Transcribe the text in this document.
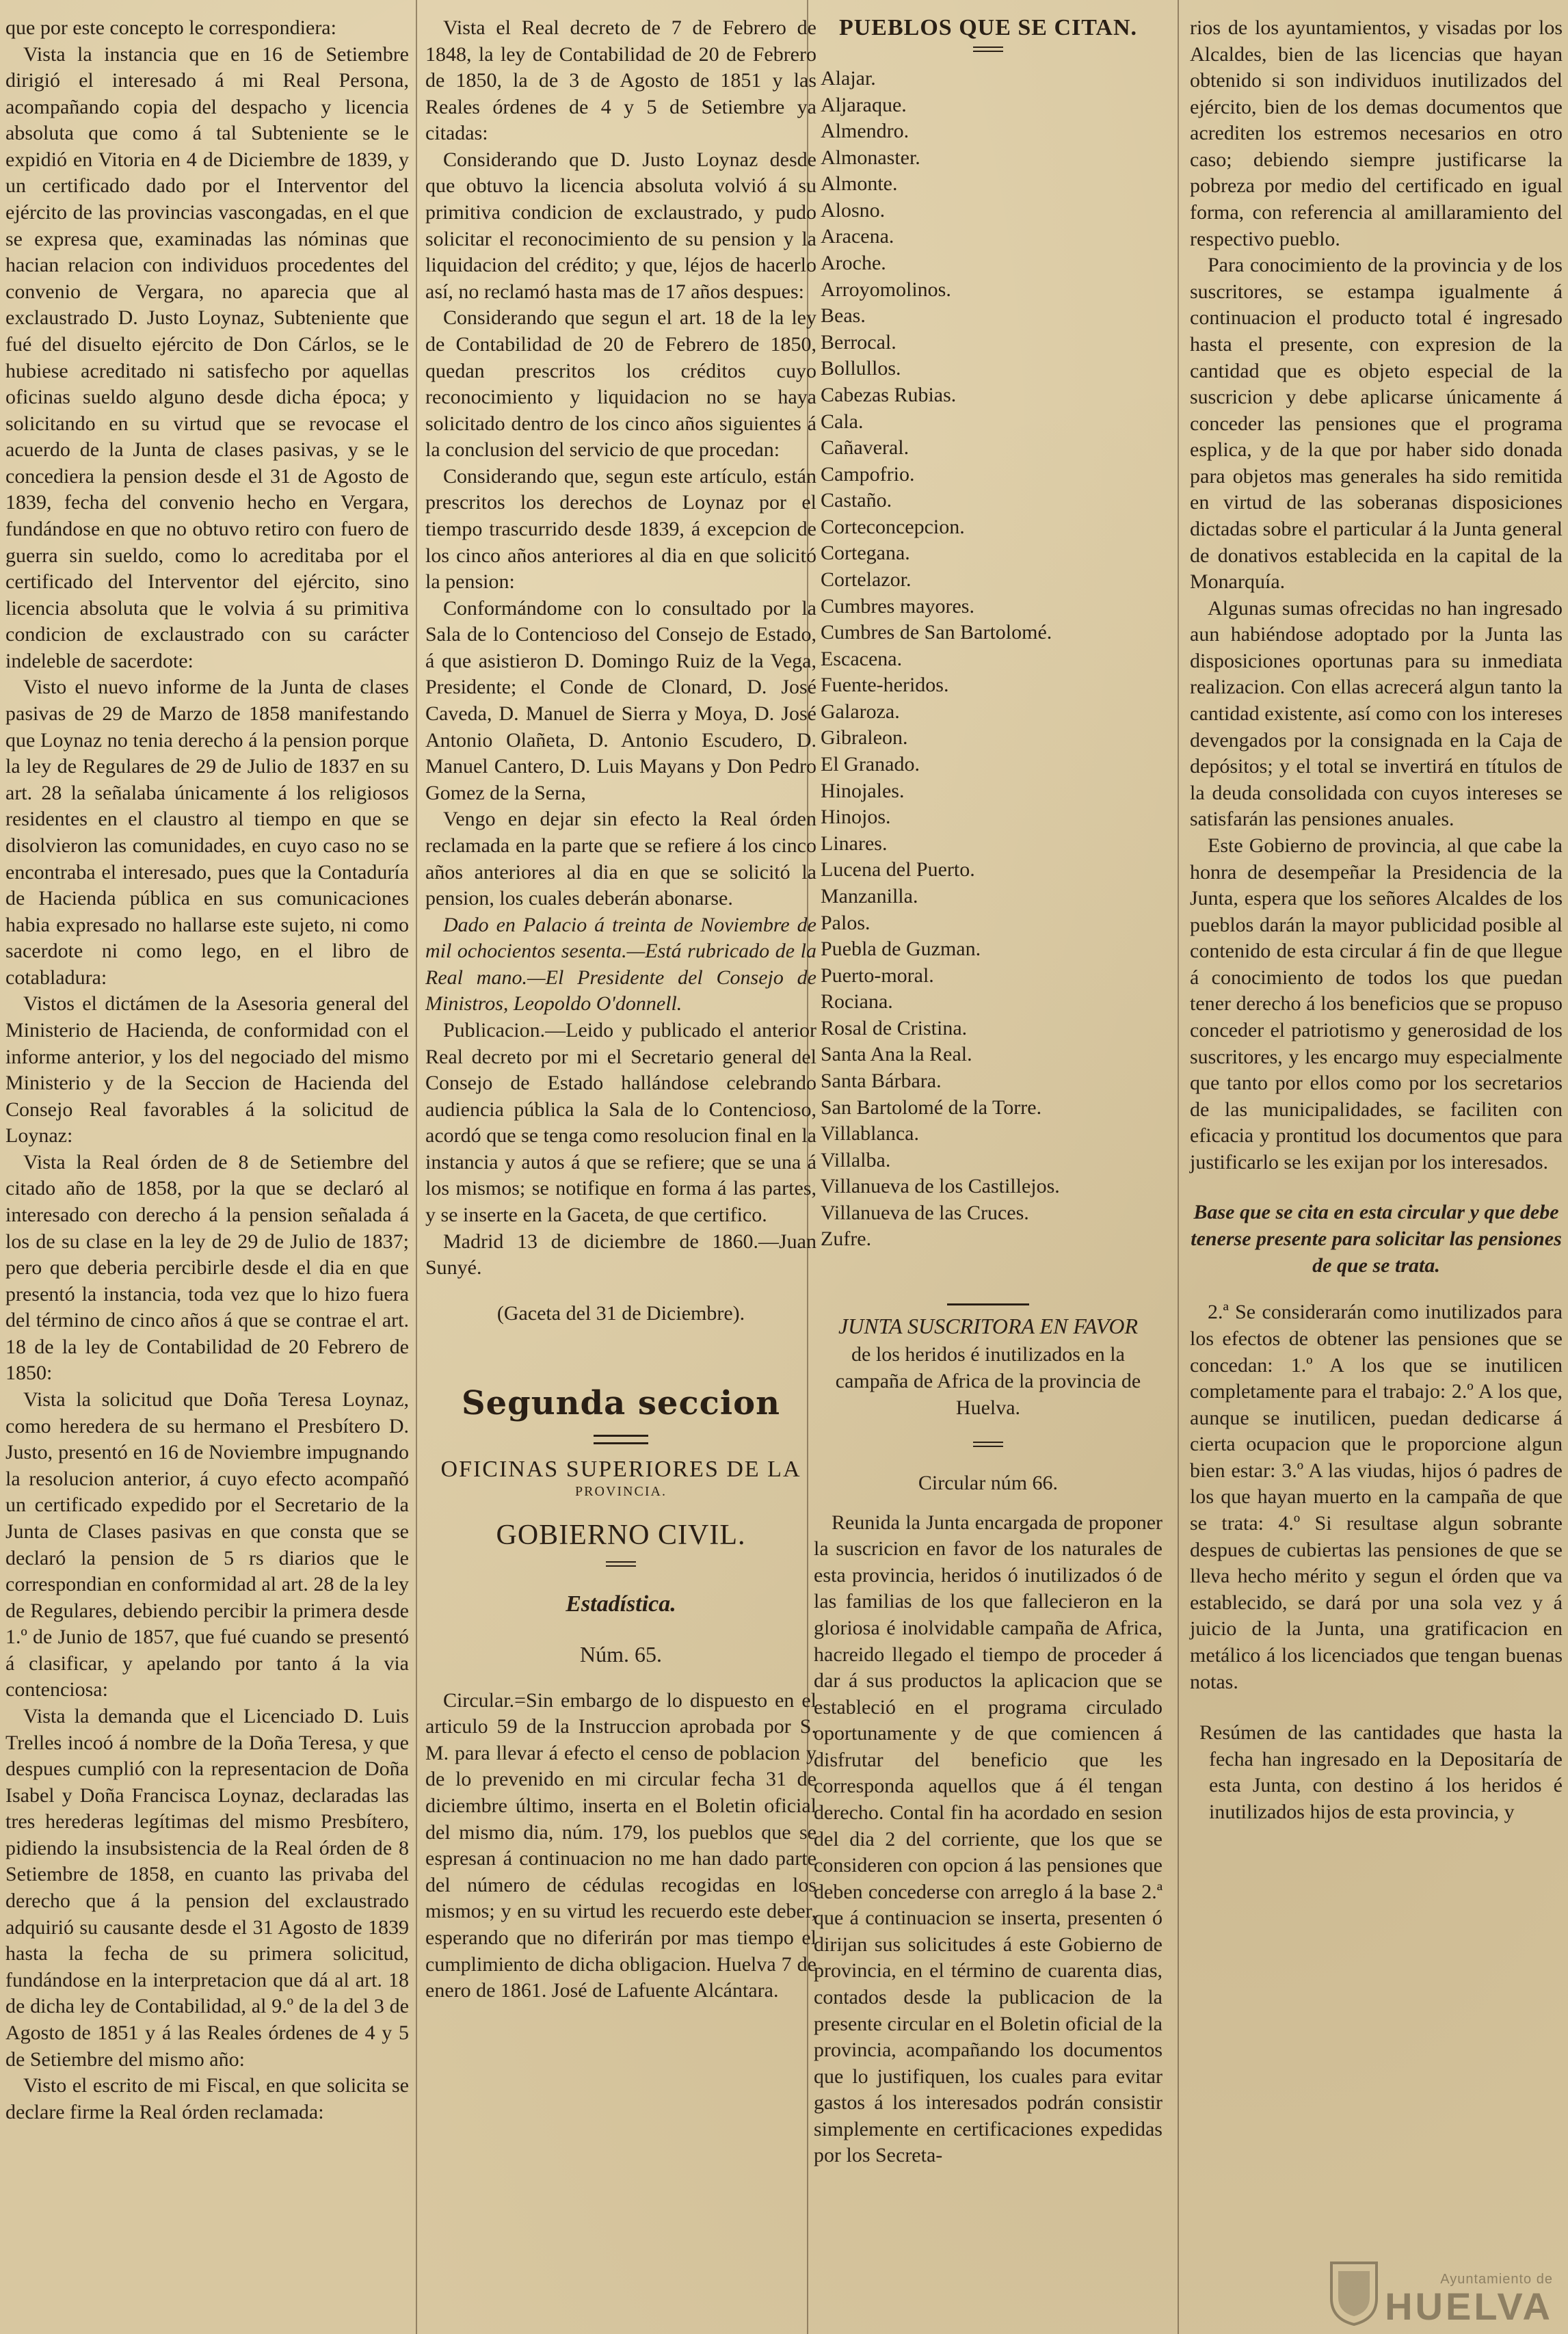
que por este concepto le correspondiera:

Vista la instancia que en 16 de Setiembre dirigió el interesado á mi Real Persona, acompañando copia del despacho y licencia absoluta que como á tal Subteniente se le expidió en Vitoria en 4 de Diciembre de 1839, y un certificado dado por el Interventor del ejército de las provincias vascongadas, en el que se expresa que, examinadas las nóminas que hacian relacion con individuos procedentes del convenio de Vergara, no aparecia que al exclaustrado D. Justo Loynaz, Subteniente que fué del disuelto ejército de Don Cárlos, se le hubiese acreditado ni satisfecho por aquellas oficinas sueldo alguno desde dicha época; y solicitando en su virtud que se revocase el acuerdo de la Junta de clases pasivas, y se le concediera la pension desde el 31 de Agosto de 1839, fecha del convenio hecho en Vergara, fundándose en que no obtuvo retiro con fuero de guerra sin sueldo, como lo acreditaba por el certificado del Interventor del ejército, sino licencia absoluta que le volvia á su primitiva condicion de exclaustrado con su carácter indeleble de sacerdote:

Visto el nuevo informe de la Junta de clases pasivas de 29 de Marzo de 1858 manifestando que Loynaz no tenia derecho á la pension porque la ley de Regulares de 29 de Julio de 1837 en su art. 28 la señalaba únicamente á los religiosos residentes en el claustro al tiempo en que se disolvieron las comunidades, en cuyo caso no se encontraba el interesado, pues que la Contaduría de Hacienda pública en sus comunicaciones habia expresado no hallarse este sujeto, ni como sacerdote ni como lego, en el libro de cotabladura:

Vistos el dictámen de la Asesoria general del Ministerio de Hacienda, de conformidad con el informe anterior, y los del negociado del mismo Ministerio y de la Seccion de Hacienda del Consejo Real favorables á la solicitud de Loynaz:

Vista la Real órden de 8 de Setiembre del citado año de 1858, por la que se declaró al interesado con derecho á la pension señalada á los de su clase en la ley de 29 de Julio de 1837; pero que deberia percibirle desde el dia en que presentó la instancia, toda vez que lo hizo fuera del término de cinco años á que se contrae el art. 18 de la ley de Contabilidad de 20 Febrero de 1850:

Vista la solicitud que Doña Teresa Loynaz, como heredera de su hermano el Presbítero D. Justo, presentó en 16 de Noviembre impugnando la resolucion anterior, á cuyo efecto acompañó un certificado expedido por el Secretario de la Junta de Clases pasivas en que consta que se declaró la pension de 5 rs diarios que le correspondian en conformidad al art. 28 de la ley de Regulares, debiendo percibir la primera desde 1.º de Junio de 1857, que fué cuando se presentó á clasificar, y apelando por tanto á la via contenciosa:

Vista la demanda que el Licenciado D. Luis Trelles incoó á nombre de la Doña Teresa, y que despues cumplió con la representacion de Doña Isabel y Doña Francisca Loynaz, declaradas las tres herederas legítimas del mismo Presbítero, pidiendo la insubsistencia de la Real órden de 8 Setiembre de 1858, en cuanto las privaba del derecho que á la pension del exclaustrado adquirió su causante desde el 31 Agosto de 1839 hasta la fecha de su primera solicitud, fundándose en la interpretacion que dá al art. 18 de dicha ley de Contabilidad, al 9.º de la del 3 de Agosto de 1851 y á las Reales órdenes de 4 y 5 de Setiembre del mismo año:

Visto el escrito de mi Fiscal, en que solicita se declare firme la Real órden reclamada:

Vista el Real decreto de 7 de Febrero de 1848, la ley de Contabilidad de 20 de Febrero de 1850, la de 3 de Agosto de 1851 y las Reales órdenes de 4 y 5 de Setiembre ya citadas:

Considerando que D. Justo Loynaz desde que obtuvo la licencia absoluta volvió á su primitiva condicion de exclaustrado, y pudo solicitar el reconocimiento de su pension y la liquidacion del crédito; y que, léjos de hacerlo así, no reclamó hasta mas de 17 años despues:

Considerando que segun el art. 18 de la ley de Contabilidad de 20 de Febrero de 1850, quedan prescritos los créditos cuyo reconocimiento y liquidacion no se haya solicitado dentro de los cinco años siguientes á la conclusion del servicio de que procedan:

Considerando que, segun este artículo, están prescritos los derechos de Loynaz por el tiempo trascurrido desde 1839, á excepcion de los cinco años anteriores al dia en que solicitó la pension:

Conformándome con lo consultado por la Sala de lo Contencioso del Consejo de Estado, á que asistieron D. Domingo Ruiz de la Vega, Presidente; el Conde de Clonard, D. José Caveda, D. Manuel de Sierra y Moya, D. José Antonio Olañeta, D. Antonio Escudero, D. Manuel Cantero, D. Luis Mayans y Don Pedro Gomez de la Serna,

Vengo en dejar sin efecto la Real órden reclamada en la parte que se refiere á los cinco años anteriores al dia en que se solicitó la pension, los cuales deberán abonarse.

Dado en Palacio á treinta de Noviembre de mil ochocientos sesenta.—Está rubricado de la Real mano.—El Presidente del Consejo de Ministros, Leopoldo O'donnell.

Publicacion.—Leido y publicado el anterior Real decreto por mi el Secretario general del Consejo de Estado hallándose celebrando audiencia pública la Sala de lo Contencioso, acordó que se tenga como resolucion final en la instancia y autos á que se refiere; que se una á los mismos; se notifique en forma á las partes, y se inserte en la Gaceta, de que certifico.

Madrid 13 de diciembre de 1860.—Juan Sunyé.

(Gaceta del 31 de Diciembre).

Segunda seccion

OFICINAS SUPERIORES DE LA

PROVINCIA.

GOBIERNO CIVIL.

Estadística.

Núm. 65.

Circular.=Sin embargo de lo dispuesto en el articulo 59 de la Instruccion aprobada por S. M. para llevar á efecto el censo de poblacion y de lo prevenido en mi circular fecha 31 de diciembre último, inserta en el Boletin oficial del mismo dia, núm. 179, los pueblos que se espresan á continuacion no me han dado parte del número de cédulas recogidas en los mismos; y en su virtud les recuerdo este deber, esperando que no diferirán por mas tiempo el cumplimiento de dicha obligacion. Huelva 7 de enero de 1861. José de Lafuente Alcántara.

PUEBLOS QUE SE CITAN.

Alajar.
Aljaraque.
Almendro.
Almonaster.
Almonte.
Alosno.
Aracena.
Aroche.
Arroyomolinos.
Beas.
Berrocal.
Bollullos.
Cabezas Rubias.
Cala.
Cañaveral.
Campofrio.
Castaño.
Corteconcepcion.
Cortegana.
Cortelazor.
Cumbres mayores.
Cumbres de San Bartolomé.
Escacena.
Fuente-heridos.
Galaroza.
Gibraleon.
El Granado.
Hinojales.
Hinojos.
Linares.
Lucena del Puerto.
Manzanilla.
Palos.
Puebla de Guzman.
Puerto-moral.
Rociana.
Rosal de Cristina.
Santa Ana la Real.
Santa Bárbara.
San Bartolomé de la Torre.
Villablanca.
Villalba.
Villanueva de los Castillejos.
Villanueva de las Cruces.
Zufre.

JUNTA SUSCRITORA EN FAVOR

de los heridos é inutilizados en la campaña de Africa de la provincia de Huelva.

Circular núm 66.

Reunida la Junta encargada de proponer la suscricion en favor de los naturales de esta provincia, heridos ó inutilizados ó de las familias de los que fallecieron en la gloriosa é inolvidable campaña de Africa, hacreido llegado el tiempo de proceder á dar á sus productos la aplicacion que se estableció en el programa circulado oportunamente y de que comiencen á disfrutar del beneficio que les corresponda aquellos que á él tengan derecho. Contal fin ha acordado en sesion del dia 2 del corriente, que los que se consideren con opcion á las pensiones que deben concederse con arreglo á la base 2.ª que á continuacion se inserta, presenten ó dirijan sus solicitudes á este Gobierno de provincia, en el término de cuarenta dias, contados desde la publicacion de la presente circular en el Boletin oficial de la provincia, acompañando los documentos que lo justifiquen, los cuales para evitar gastos á los interesados podrán consistir simplemente en certificaciones expedidas por los Secreta-

rios de los ayuntamientos, y visadas por los Alcaldes, bien de las licencias que hayan obtenido si son individuos inutilizados del ejército, bien de los demas documentos que acrediten los estremos necesarios en otro caso; debiendo siempre justificarse la pobreza por medio del certificado en igual forma, con referencia al amillaramiento del respectivo pueblo.

Para conocimiento de la provincia y de los suscritores, se estampa igualmente á continuacion el producto total é ingresado hasta el presente, con expresion de la cantidad que es objeto especial de la suscricion y debe aplicarse únicamente á conceder las pensiones que el programa esplica, y de la que por haber sido donada para objetos mas generales ha sido remitida en virtud de las soberanas disposiciones dictadas sobre el particular á la Junta general de donativos establecida en la capital de la Monarquía.

Algunas sumas ofrecidas no han ingresado aun habiéndose adoptado por la Junta las disposiciones oportunas para su inmediata realizacion. Con ellas acrecerá algun tanto la cantidad existente, así como con los intereses devengados por la consignada en la Caja de depósitos; y el total se invertirá en títulos de la deuda consolidada con cuyos intereses se satisfarán las pensiones anuales.

Este Gobierno de provincia, al que cabe la honra de desempeñar la Presidencia de la Junta, espera que los señores Alcaldes de los pueblos darán la mayor publicidad posible al contenido de esta circular á fin de que llegue á conocimiento de todos los que puedan tener derecho á los beneficios que se propuso conceder el patriotismo y generosidad de los suscritores, y les encargo muy especialmente que tanto por ellos como por los secretarios de las municipalidades, se faciliten con eficacia y prontitud los documentos que para justificarlo se les exijan por los interesados.

Base que se cita en esta circular y que debe tenerse presente para solicitar las pensiones de que se trata.

2.ª Se considerarán como inutilizados para los efectos de obtener las pensiones que se concedan: 1.º A los que se inutilicen completamente para el trabajo: 2.º A los que, aunque se inutilicen, puedan dedicarse á cierta ocupacion que le proporcione algun bien estar: 3.º A las viudas, hijos ó padres de los que hayan muerto en la campaña de que se trata: 4.º Si resultase algun sobrante despues de cubiertas las pensiones de que se lleva hecho mérito y segun el órden que va establecido, se dará por una sola vez y á juicio de la Junta, una gratificacion en metálico á los licenciados que tengan buenas notas.

Resúmen de las cantidades que hasta la fecha han ingresado en la Depositaría de esta Junta, con destino á los heridos é inutilizados hijos de esta provincia, y

Ayuntamiento de
HUELVA
